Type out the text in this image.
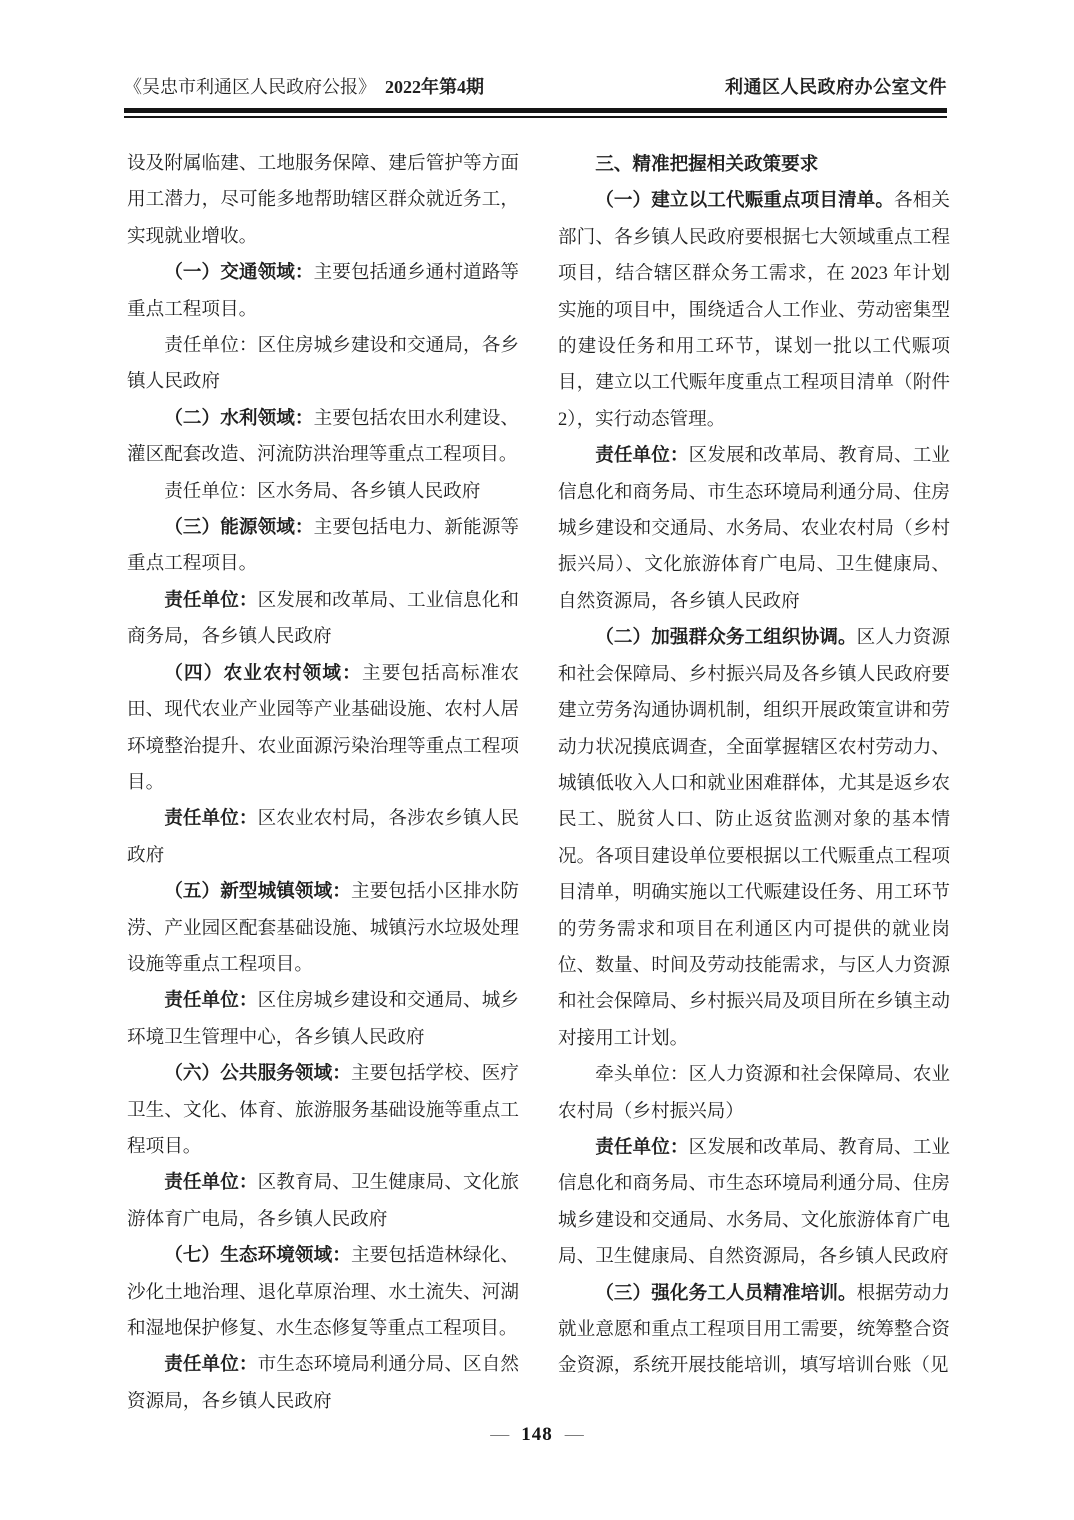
《吴忠市利通区人民政府公报》 2022年第4期	利通区人民政府办公室文件

设及附属临建、工地服务保障、建后管护等方面用工潜力，尽可能多地帮助辖区群众就近务工，实现就业增收。

（一）交通领域：主要包括通乡通村道路等重点工程项目。

责任单位：区住房城乡建设和交通局，各乡镇人民政府

（二）水利领域：主要包括农田水利建设、灌区配套改造、河流防洪治理等重点工程项目。

责任单位：区水务局、各乡镇人民政府

（三）能源领域：主要包括电力、新能源等重点工程项目。

责任单位：区发展和改革局、工业信息化和商务局，各乡镇人民政府

（四）农业农村领域：主要包括高标准农田、现代农业产业园等产业基础设施、农村人居环境整治提升、农业面源污染治理等重点工程项目。

责任单位：区农业农村局，各涉农乡镇人民政府

（五）新型城镇领域：主要包括小区排水防涝、产业园区配套基础设施、城镇污水垃圾处理设施等重点工程项目。

责任单位：区住房城乡建设和交通局、城乡环境卫生管理中心，各乡镇人民政府

（六）公共服务领域：主要包括学校、医疗卫生、文化、体育、旅游服务基础设施等重点工程项目。

责任单位：区教育局、卫生健康局、文化旅游体育广电局，各乡镇人民政府

（七）生态环境领域：主要包括造林绿化、沙化土地治理、退化草原治理、水土流失、河湖和湿地保护修复、水生态修复等重点工程项目。

责任单位：市生态环境局利通分局、区自然资源局，各乡镇人民政府

三、精准把握相关政策要求

（一）建立以工代赈重点项目清单。各相关部门、各乡镇人民政府要根据七大领域重点工程项目，结合辖区群众务工需求，在 2023 年计划实施的项目中，围绕适合人工作业、劳动密集型的建设任务和用工环节，谋划一批以工代赈项目，建立以工代赈年度重点工程项目清单（附件2），实行动态管理。

责任单位：区发展和改革局、教育局、工业信息化和商务局、市生态环境局利通分局、住房城乡建设和交通局、水务局、农业农村局（乡村振兴局）、文化旅游体育广电局、卫生健康局、自然资源局，各乡镇人民政府

（二）加强群众务工组织协调。区人力资源和社会保障局、乡村振兴局及各乡镇人民政府要建立劳务沟通协调机制，组织开展政策宣讲和劳动力状况摸底调查，全面掌握辖区农村劳动力、城镇低收入人口和就业困难群体，尤其是返乡农民工、脱贫人口、防止返贫监测对象的基本情况。各项目建设单位要根据以工代赈重点工程项目清单，明确实施以工代赈建设任务、用工环节的劳务需求和项目在利通区内可提供的就业岗位、数量、时间及劳动技能需求，与区人力资源和社会保障局、乡村振兴局及项目所在乡镇主动对接用工计划。

牵头单位：区人力资源和社会保障局、农业农村局（乡村振兴局）

责任单位：区发展和改革局、教育局、工业信息化和商务局、市生态环境局利通分局、住房城乡建设和交通局、水务局、文化旅游体育广电局、卫生健康局、自然资源局，各乡镇人民政府

（三）强化务工人员精准培训。根据劳动力就业意愿和重点工程项目用工需要，统筹整合资金资源，系统开展技能培训，填写培训台账（见

— 148 —
